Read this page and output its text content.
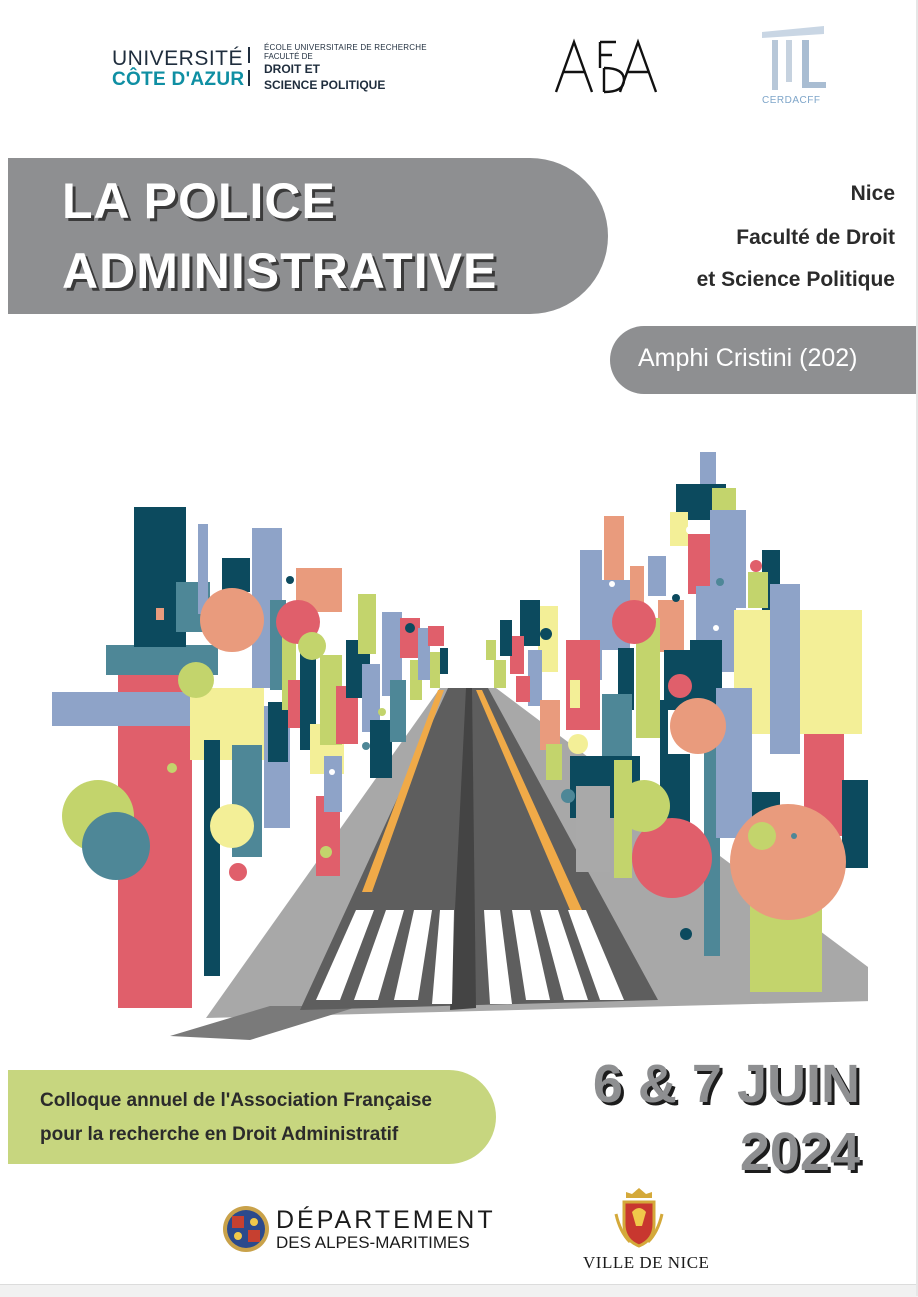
UNIVERSITÉ
CÔTE D'AZUR
ÉCOLE UNIVERSITAIRE DE RECHERCHE
FACULTÉ DE
DROIT ET
SCIENCE POLITIQUE
CERDACFF
LA POLICE
ADMINISTRATIVE
Nice
Faculté de Droit
et Science Politique
Amphi Cristini (202)
Colloque annuel de l'Association Française
pour la recherche en Droit Administratif
6 & 7 JUIN
2024
DÉPARTEMENT
DES ALPES-MARITIMES
VILLE DE NICE
